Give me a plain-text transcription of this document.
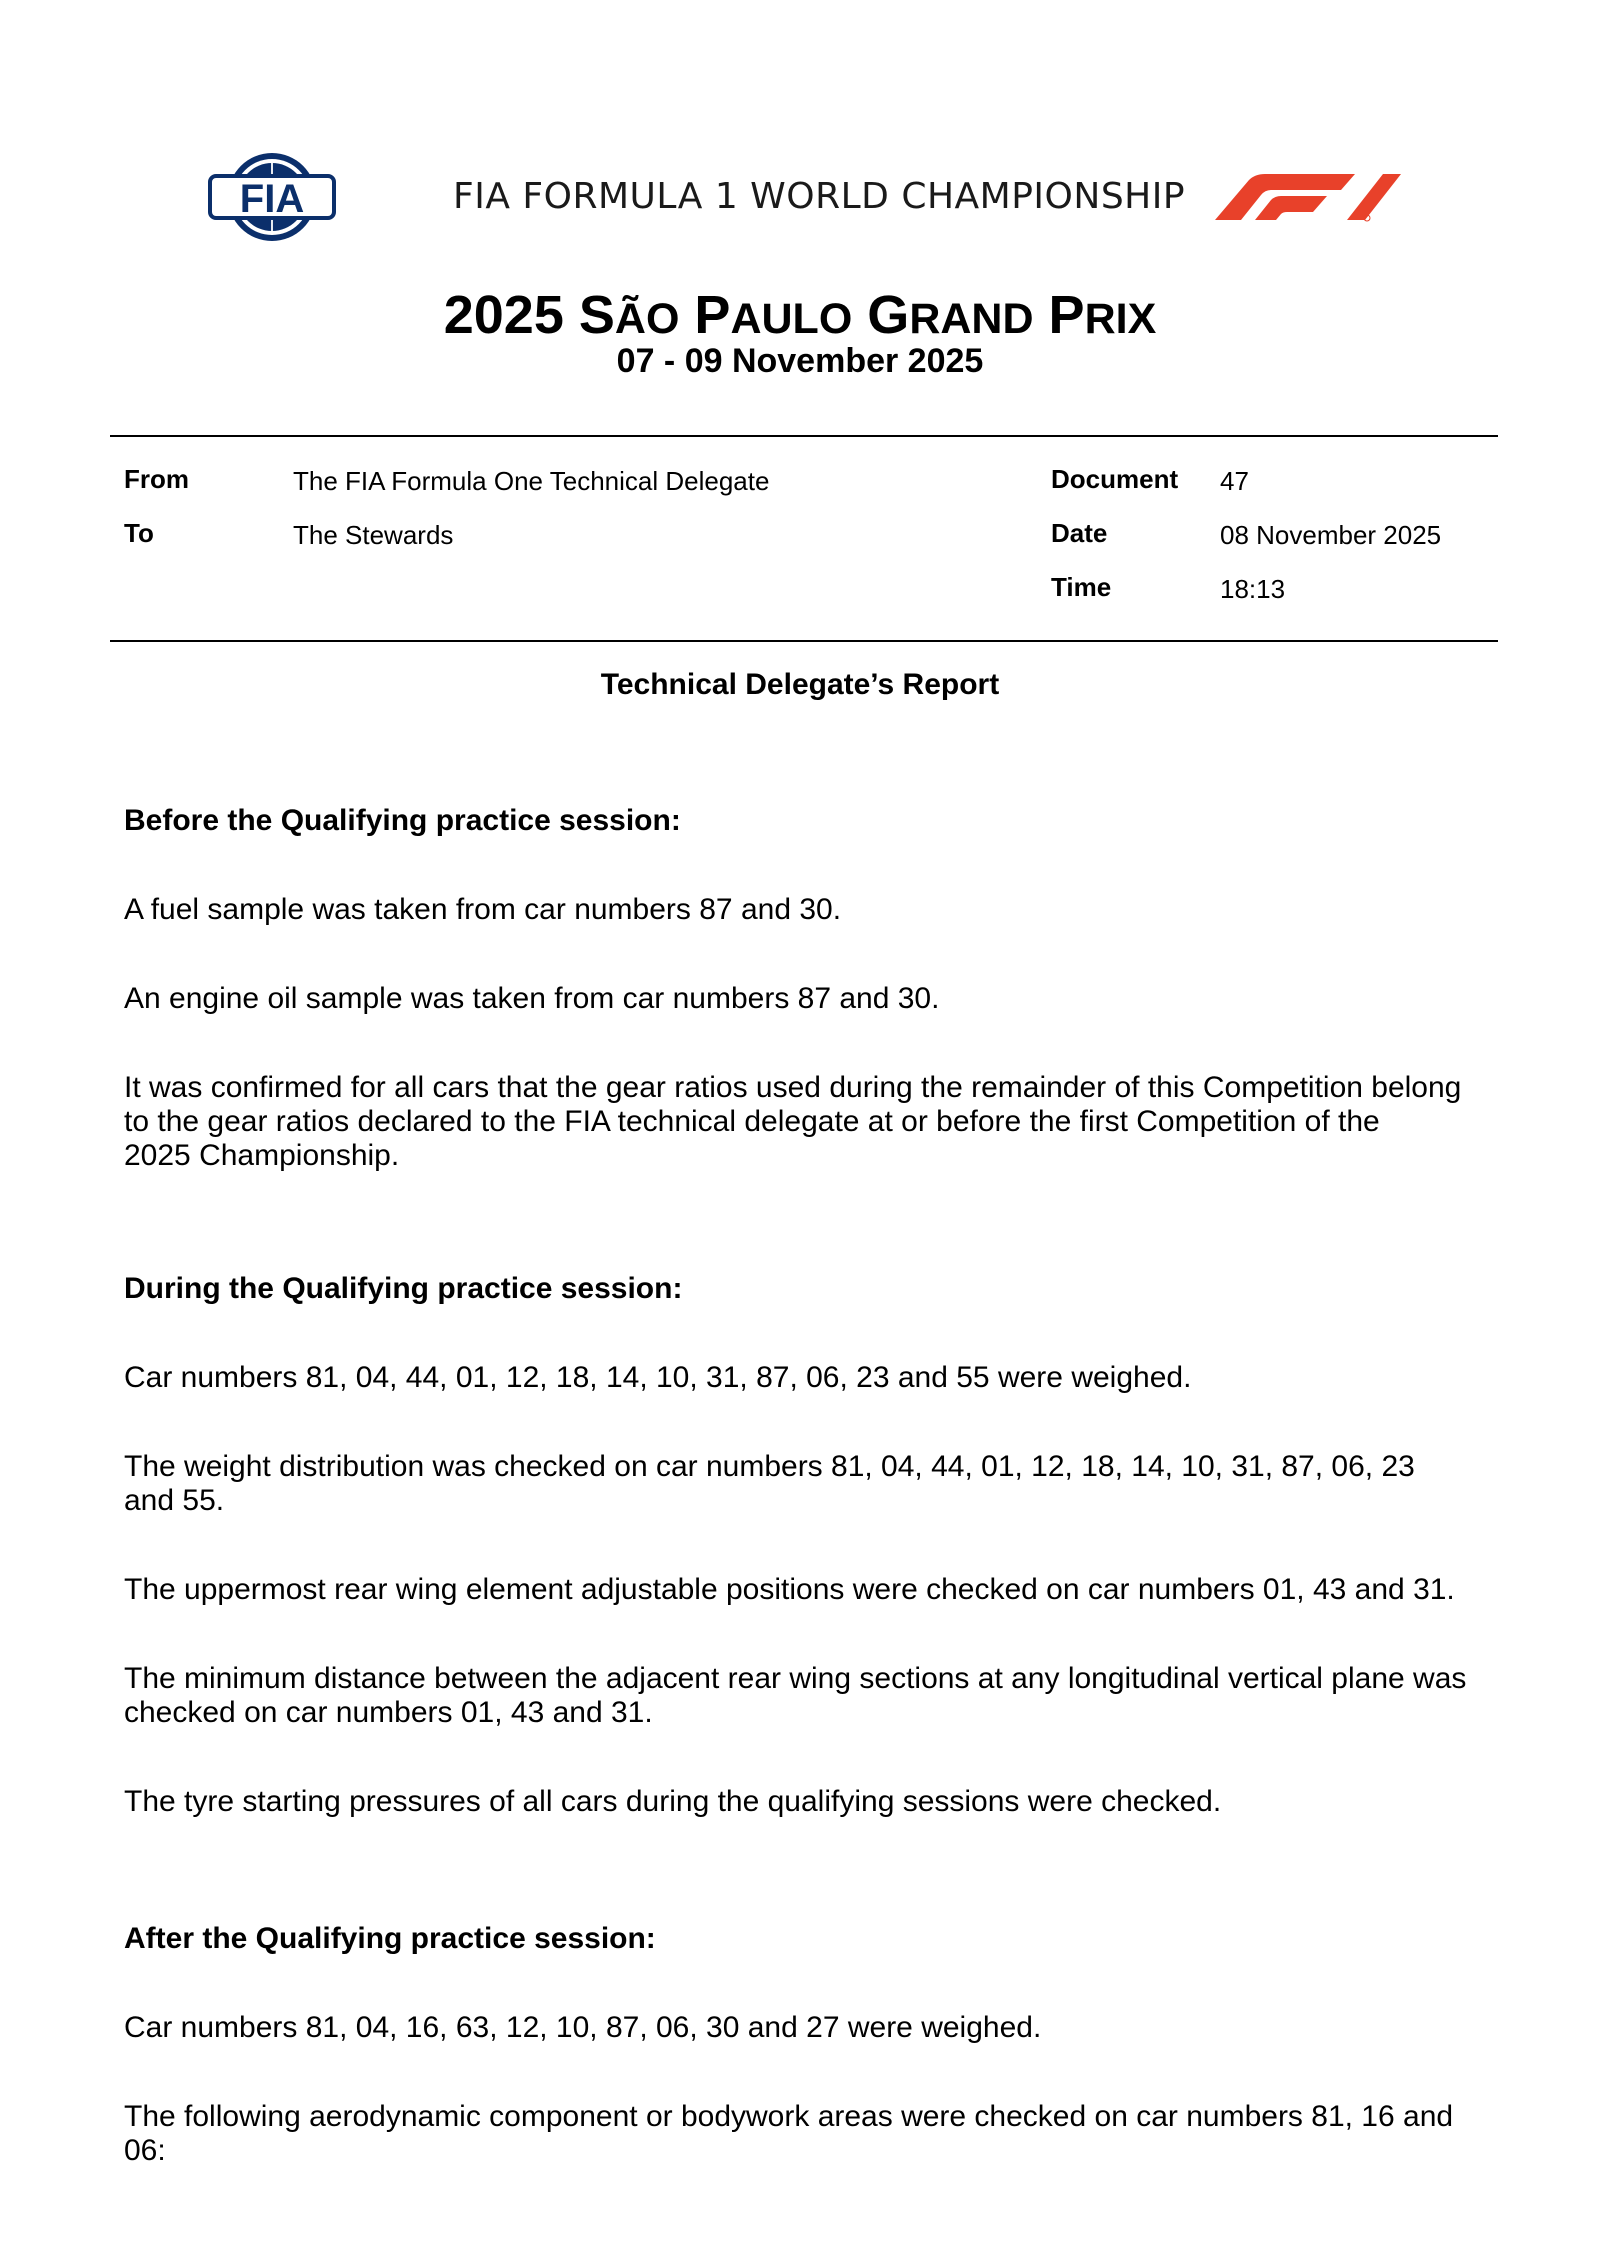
FIA	FIA FORMULA 1 WORLD CHAMPIONSHIP
2025 SÃO PAULO GRAND PRIX
07 - 09 November 2025
From	The FIA Formula One Technical Delegate
To	The Stewards
Document 47
Date	08 November 2025
Time	18:13
Technical Delegate’s Report
Before the Qualifying practice session:
A fuel sample was taken from car numbers 87 and 30.
An engine oil sample was taken from car numbers 87 and 30.
It was confirmed for all cars that the gear ratios used during the remainder of this Competition belong
to the gear ratios declared to the FIA technical delegate at or before the first Competition of the
2025 Championship.
During the Qualifying practice session:
Car numbers 81, 04, 44, 01, 12, 18, 14, 10, 31, 87, 06, 23 and 55 were weighed.
The weight distribution was checked on car numbers 81, 04, 44, 01, 12, 18, 14, 10, 31, 87, 06, 23
and 55.
The uppermost rear wing element adjustable positions were checked on car numbers 01, 43 and 31.
The minimum distance between the adjacent rear wing sections at any longitudinal vertical plane was
checked on car numbers 01, 43 and 31.
The tyre starting pressures of all cars during the qualifying sessions were checked.
After the Qualifying practice session:
Car numbers 81, 04, 16, 63, 12, 10, 87, 06, 30 and 27 were weighed.
The following aerodynamic component or bodywork areas were checked on car numbers 81, 16 and
06:
